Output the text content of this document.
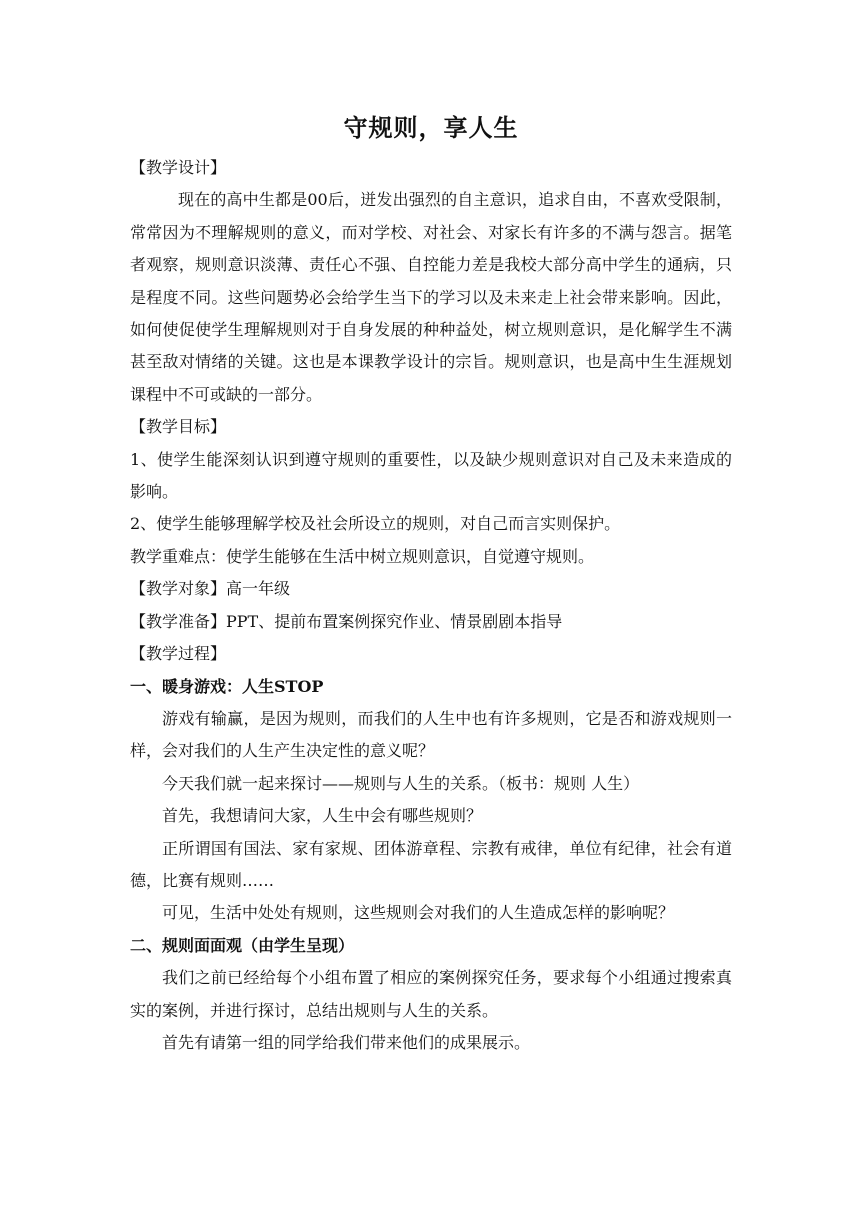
守规则，享人生

【教学设计】

现在的高中生都是00后，迸发出强烈的自主意识，追求自由，不喜欢受限制，常常因为不理解规则的意义，而对学校、对社会、对家长有许多的不满与怨言。据笔者观察，规则意识淡薄、责任心不强、自控能力差是我校大部分高中学生的通病，只是程度不同。这些问题势必会给学生当下的学习以及未来走上社会带来影响。因此，如何使促使学生理解规则对于自身发展的种种益处，树立规则意识，是化解学生不满甚至敌对情绪的关键。这也是本课教学设计的宗旨。规则意识，也是高中生生涯规划课程中不可或缺的一部分。

【教学目标】

1、使学生能深刻认识到遵守规则的重要性，以及缺少规则意识对自己及未来造成的影响。

2、使学生能够理解学校及社会所设立的规则，对自己而言实则保护。

教学重难点：使学生能够在生活中树立规则意识，自觉遵守规则。

【教学对象】高一年级

【教学准备】PPT、提前布置案例探究作业、情景剧剧本指导

【教学过程】

一、暖身游戏：人生STOP

游戏有输赢，是因为规则，而我们的人生中也有许多规则，它是否和游戏规则一样，会对我们的人生产生决定性的意义呢？

今天我们就一起来探讨——规则与人生的关系。（板书：规则 人生）

首先，我想请问大家，人生中会有哪些规则？

正所谓国有国法、家有家规、团体游章程、宗教有戒律，单位有纪律，社会有道德，比赛有规则……

可见，生活中处处有规则，这些规则会对我们的人生造成怎样的影响呢？

二、规则面面观（由学生呈现）

我们之前已经给每个小组布置了相应的案例探究任务，要求每个小组通过搜索真实的案例，并进行探讨，总结出规则与人生的关系。

首先有请第一组的同学给我们带来他们的成果展示。
